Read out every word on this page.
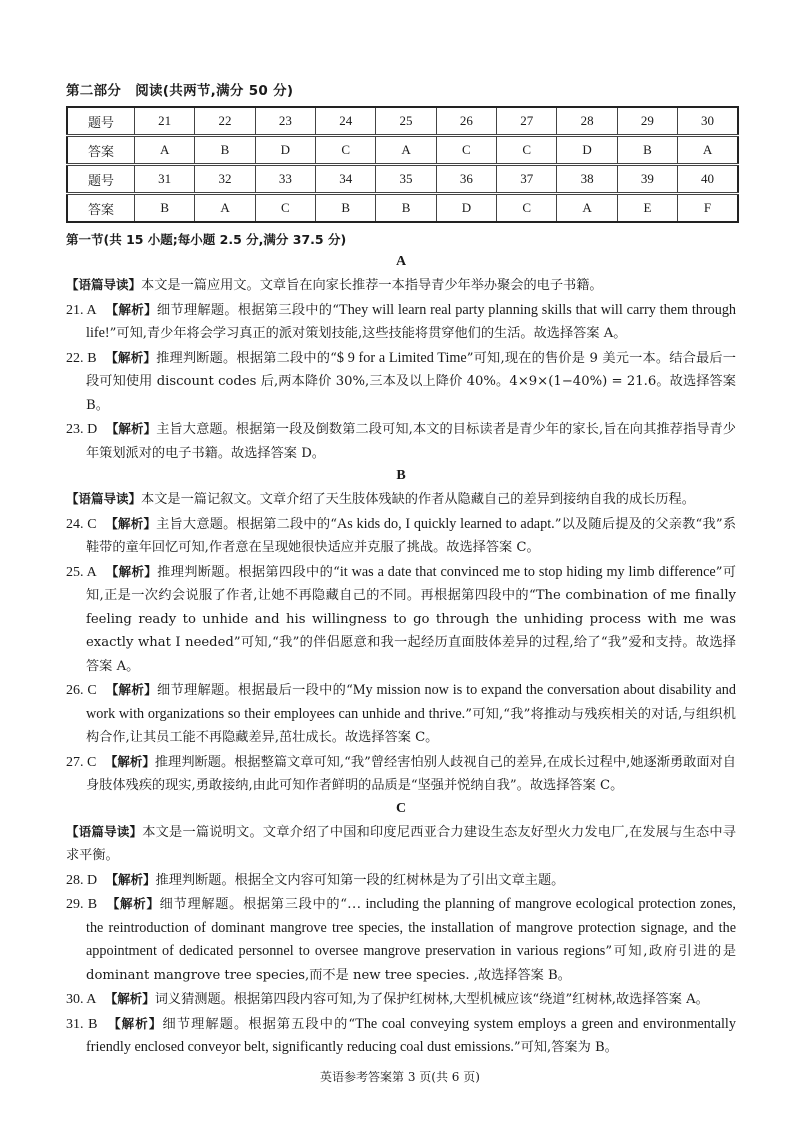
第二部分 阅读(共两节,满分 50 分)
题号	21	22	23	24	25	26	27	28	29	30
答案	A	B	D	C	A	C	C	D	B	A
题号	31	32	33	34	35	36	37	38	39	40
答案	B	A	C	B	B	D	C	A	E	F
第一节(共 15 小题;每小题 2.5 分,满分 37.5 分)
A
【语篇导读】本文是一篇应用文。文章旨在向家长推荐一本指导青少年举办聚会的电子书籍。
21. A 【解析】细节理解题。根据第三段中的“They will learn real party planning skills that will carry them through life!”可知,青少年将会学习真正的派对策划技能,这些技能将贯穿他们的生活。故选择答案 A。
22. B 【解析】推理判断题。根据第二段中的“$ 9 for a Limited Time”可知,现在的售价是 9 美元一本。结合最后一段可知使用 discount codes 后,两本降价 30%,三本及以上降价 40%。4×9×(1−40%) = 21.6。故选择答案 B。
23. D 【解析】主旨大意题。根据第一段及倒数第二段可知,本文的目标读者是青少年的家长,旨在向其推荐指导青少年策划派对的电子书籍。故选择答案 D。
B
【语篇导读】本文是一篇记叙文。文章介绍了天生肢体残缺的作者从隐藏自己的差异到接纳自我的成长历程。
24. C 【解析】主旨大意题。根据第二段中的“As kids do, I quickly learned to adapt.”以及随后提及的父亲教“我”系鞋带的童年回忆可知,作者意在呈现她很快适应并克服了挑战。故选择答案 C。
25. A 【解析】推理判断题。根据第四段中的“it was a date that convinced me to stop hiding my limb difference”可知,正是一次约会说服了作者,让她不再隐藏自己的不同。再根据第四段中的“The combination of me finally feeling ready to unhide and his willingness to go through the unhiding process with me was exactly what I needed”可知,“我”的伴侣愿意和我一起经历直面肢体差异的过程,给了“我”爱和支持。故选择答案 A。
26. C 【解析】细节理解题。根据最后一段中的“My mission now is to expand the conversation about disability and work with organizations so their employees can unhide and thrive.”可知,“我”将推动与残疾相关的对话,与组织机构合作,让其员工能不再隐藏差异,茁壮成长。故选择答案 C。
27. C 【解析】推理判断题。根据整篇文章可知,“我”曾经害怕别人歧视自己的差异,在成长过程中,她逐渐勇敢面对自身肢体残疾的现实,勇敢接纳,由此可知作者鲜明的品质是“坚强并悦纳自我”。故选择答案 C。
C
【语篇导读】本文是一篇说明文。文章介绍了中国和印度尼西亚合力建设生态友好型火力发电厂,在发展与生态中寻求平衡。
28. D 【解析】推理判断题。根据全文内容可知第一段的红树林是为了引出文章主题。
29. B 【解析】细节理解题。根据第三段中的“… including the planning of mangrove ecological protection zones, the reintroduction of dominant mangrove tree species, the installation of mangrove protection signage, and the appointment of dedicated personnel to oversee mangrove preservation in various regions”可知,政府引进的是 dominant mangrove tree species,而不是 new tree species. ,故选择答案 B。
30. A 【解析】词义猜测题。根据第四段内容可知,为了保护红树林,大型机械应该“绕道”红树林,故选择答案 A。
31. B 【解析】细节理解题。根据第五段中的“The coal conveying system employs a green and environmentally friendly enclosed conveyor belt, significantly reducing coal dust emissions.”可知,答案为 B。
英语参考答案第 3 页(共 6 页)
